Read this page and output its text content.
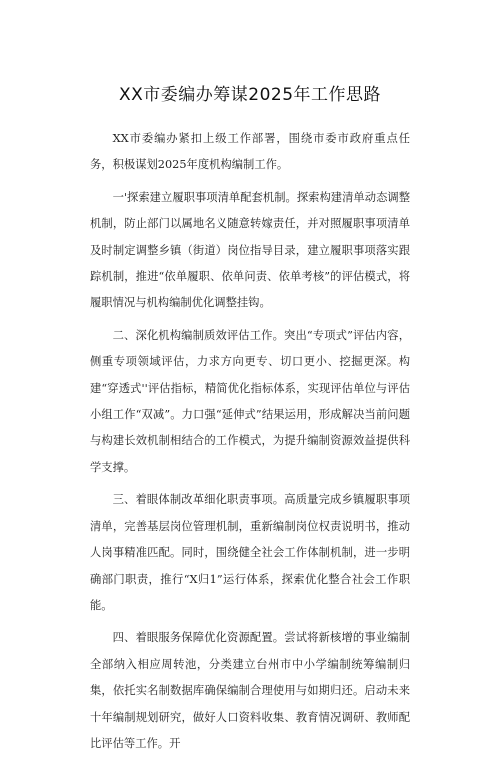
XX市委编办筹谋2025年工作思路

XX市委编办紧扣上级工作部署，围绕市委市政府重点任务，积极谋划2025年度机构编制工作。

一'探索建立履职事项清单配套机制。探索构建清单动态调整机制，防止部门以属地名义随意转嫁责任，并对照履职事项清单及时制定调整乡镇（街道）岗位指导目录，建立履职事项落实跟踪机制，推进“依单履职、依单问责、依单考核”的评估模式，将履职情况与机构编制优化调整挂钩。

二、深化机构编制质效评估工作。突出“专项式”评估内容，侧重专项领域评估，力求方向更专、切口更小、挖掘更深。构建“穿透式''评估指标，精简优化指标体系，实现评估单位与评估小组工作“双减”。力口强“延伸式”结果运用，形成解决当前问题与构建长效机制相结合的工作模式，为提升编制资源效益提供科学支撑。

三、着眼体制改革细化职责事项。高质量完成乡镇履职事项清单，完善基层岗位管理机制，重新编制岗位权责说明书，推动人岗事精准匹配。同时，围绕健全社会工作体制机制，进一步明确部门职责，推行“X归1”运行体系，探索优化整合社会工作职能。

四、着眼服务保障优化资源配置。尝试将新核增的事业编制全部纳入相应周转池，分类建立台州市中小学编制统筹编制归集，依托实名制数据库确保编制合理使用与如期归还。启动未来十年编制规划研究，做好人口资料收集、教育情况调研、教师配比评估等工作。开
